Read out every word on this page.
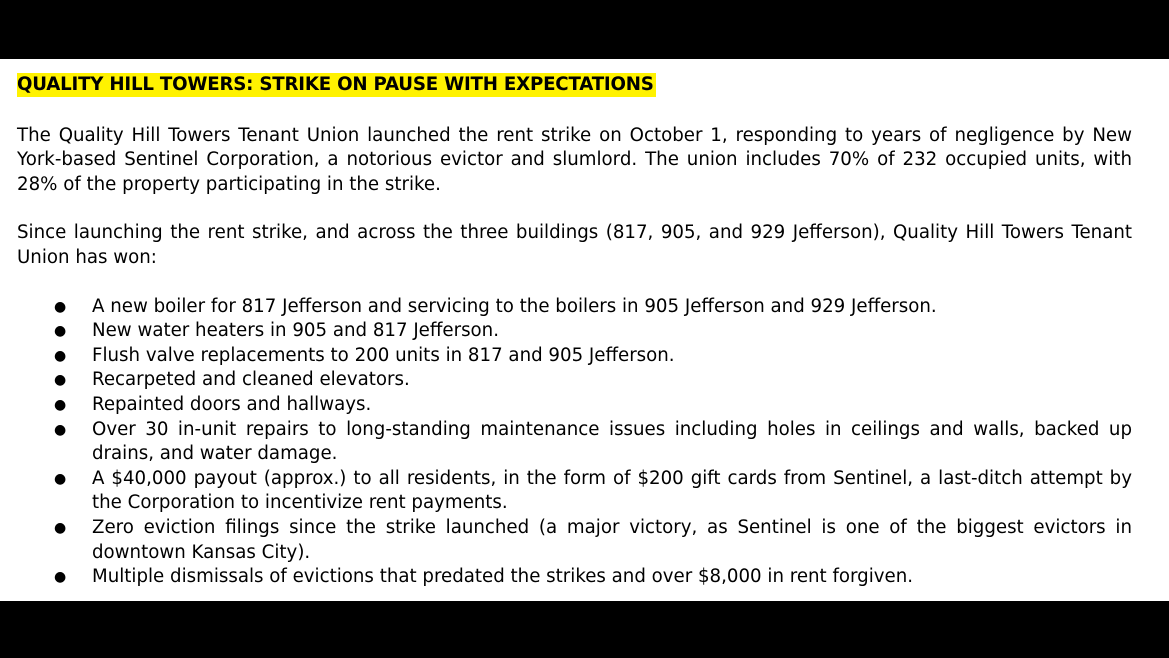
QUALITY HILL TOWERS: STRIKE ON PAUSE WITH EXPECTATIONS

The Quality Hill Towers Tenant Union launched the rent strike on October 1, responding to years of negligence by New York-based Sentinel Corporation, a notorious evictor and slumlord. The union includes 70% of 232 occupied units, with 28% of the property participating in the strike.

Since launching the rent strike, and across the three buildings (817, 905, and 929 Jefferson), Quality Hill Towers Tenant Union has won:

● A new boiler for 817 Jefferson and servicing to the boilers in 905 Jefferson and 929 Jefferson.
● New water heaters in 905 and 817 Jefferson.
● Flush valve replacements to 200 units in 817 and 905 Jefferson.
● Recarpeted and cleaned elevators.
● Repainted doors and hallways.
● Over 30 in-unit repairs to long-standing maintenance issues including holes in ceilings and walls, backed up drains, and water damage.
● A $40,000 payout (approx.) to all residents, in the form of $200 gift cards from Sentinel, a last-ditch attempt by the Corporation to incentivize rent payments.
● Zero eviction filings since the strike launched (a major victory, as Sentinel is one of the biggest evictors in downtown Kansas City).
● Multiple dismissals of evictions that predated the strikes and over $8,000 in rent forgiven.
